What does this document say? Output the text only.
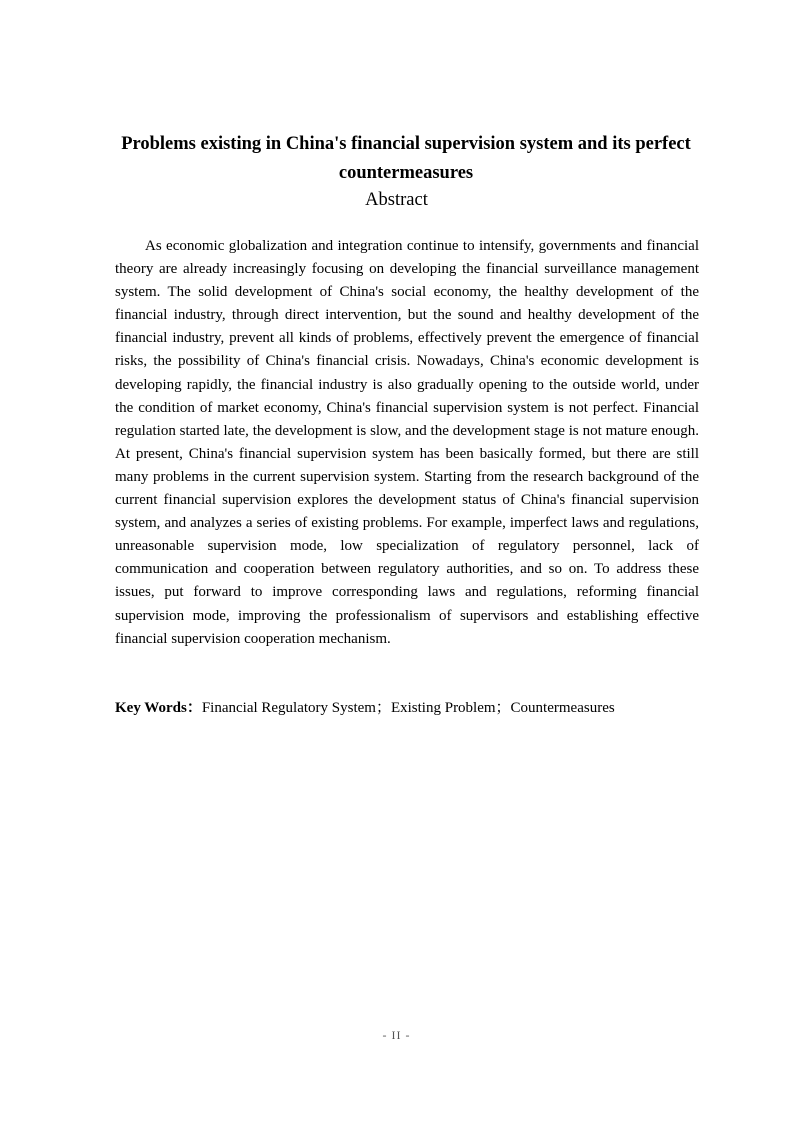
Problems existing in China's financial supervision system and its perfect countermeasures
Abstract

As economic globalization and integration continue to intensify, governments and financial theory are already increasingly focusing on developing the financial surveillance management system. The solid development of China's social economy, the healthy development of the financial industry, through direct intervention, but the sound and healthy development of the financial industry, prevent all kinds of problems, effectively prevent the emergence of financial risks, the possibility of China's financial crisis. Nowadays, China's economic development is developing rapidly, the financial industry is also gradually opening to the outside world, under the condition of market economy, China's financial supervision system is not perfect. Financial regulation started late, the development is slow, and the development stage is not mature enough. At present, China's financial supervision system has been basically formed, but there are still many problems in the current supervision system. Starting from the research background of the current financial supervision explores the development status of China's financial supervision system, and analyzes a series of existing problems. For example, imperfect laws and regulations, unreasonable supervision mode, low specialization of regulatory personnel, lack of communication and cooperation between regulatory authorities, and so on. To address these issues, put forward to improve corresponding laws and regulations, reforming financial supervision mode, improving the professionalism of supervisors and establishing effective financial supervision cooperation mechanism.

Key Words：Financial Regulatory System；Existing Problem；Countermeasures
- II -
